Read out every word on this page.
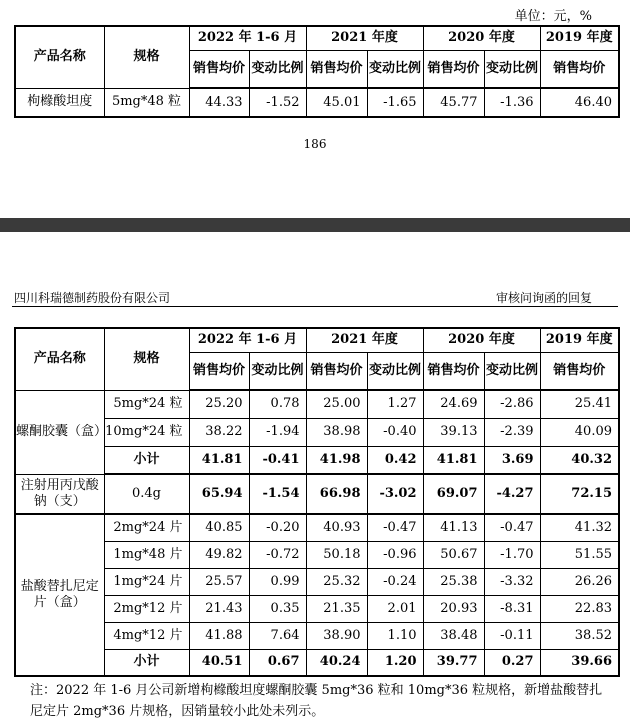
单位：元，%
产品名称	规格	2022 年 1-6 月		2021 年度		2020 年度		2019 年度
		销售均价	变动比例	销售均价	变动比例	销售均价	变动比例	销售均价
枸橼酸坦度	5mg*48 粒	44.33	-1.52	45.01	-1.65	45.77	-1.36	46.40
186
四川科瑞德制药股份有限公司	审核问询函的回复
产品名称	规格	2022 年 1-6 月		2021 年度		2020 年度		2019 年度
		销售均价	变动比例	销售均价	变动比例	销售均价	变动比例	销售均价
螺酮胶囊（盒）	5mg*24 粒	25.20	0.78	25.00	1.27	24.69	-2.86	25.41
	10mg*24 粒	38.22	-1.94	38.98	-0.40	39.13	-2.39	40.09
	小计	41.81	-0.41	41.98	0.42	41.81	3.69	40.32
注射用丙戊酸钠（支）	0.4g	65.94	-1.54	66.98	-3.02	69.07	-4.27	72.15
盐酸替扎尼定片（盒）	2mg*24 片	40.85	-0.20	40.93	-0.47	41.13	-0.47	41.32
	1mg*48 片	49.82	-0.72	50.18	-0.96	50.67	-1.70	51.55
	1mg*24 片	25.57	0.99	25.32	-0.24	25.38	-3.32	26.26
	2mg*12 片	21.43	0.35	21.35	2.01	20.93	-8.31	22.83
	4mg*12 片	41.88	7.64	38.90	1.10	38.48	-0.11	38.52
	小计	40.51	0.67	40.24	1.20	39.77	0.27	39.66
注：2022 年 1-6 月公司新增枸橼酸坦度螺酮胶囊 5mg*36 粒和 10mg*36 粒规格，新增盐酸替扎尼定片 2mg*36 片规格，因销量较小此处未列示。
